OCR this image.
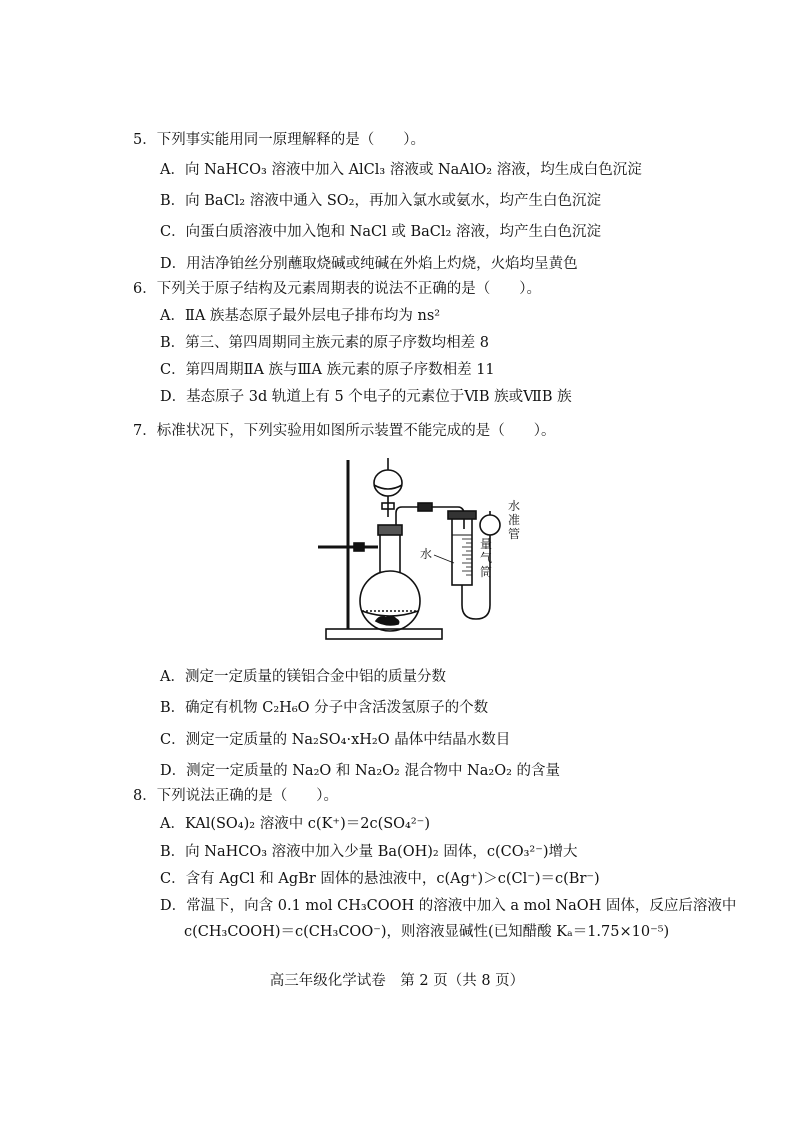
5．下列事实能用同一原理解释的是（　　）。
A．向 NaHCO₃ 溶液中加入 AlCl₃ 溶液或 NaAlO₂ 溶液，均生成白色沉淀
B．向 BaCl₂ 溶液中通入 SO₂，再加入氯水或氨水，均产生白色沉淀
C．向蛋白质溶液中加入饱和 NaCl 或 BaCl₂ 溶液，均产生白色沉淀
D．用洁净铂丝分别蘸取烧碱或纯碱在外焰上灼烧，火焰均呈黄色
6．下列关于原子结构及元素周期表的说法不正确的是（　　）。
A．ⅡA 族基态原子最外层电子排布均为 ns²
B．第三、第四周期同主族元素的原子序数均相差 8
C．第四周期ⅡA 族与ⅢA 族元素的原子序数相差 11
D．基态原子 3d 轨道上有 5 个电子的元素位于ⅥB 族或ⅦB 族
7．标准状况下，下列实验用如图所示装置不能完成的是（　　）。
水
量
气
筒
水
准
管
A．测定一定质量的镁铝合金中铝的质量分数
B．确定有机物 C₂H₆O 分子中含活泼氢原子的个数
C．测定一定质量的 Na₂SO₄·xH₂O 晶体中结晶水数目
D．测定一定质量的 Na₂O 和 Na₂O₂ 混合物中 Na₂O₂ 的含量
8．下列说法正确的是（　　）。
A．KAl(SO₄)₂ 溶液中 c(K⁺)＝2c(SO₄²⁻)
B．向 NaHCO₃ 溶液中加入少量 Ba(OH)₂ 固体，c(CO₃²⁻)增大
C．含有 AgCl 和 AgBr 固体的悬浊液中，c(Ag⁺)＞c(Cl⁻)＝c(Br⁻)
D．常温下，向含 0.1 mol CH₃COOH 的溶液中加入 a mol NaOH 固体，反应后溶液中
c(CH₃COOH)＝c(CH₃COO⁻)，则溶液显碱性(已知醋酸 Kₐ＝1.75×10⁻⁵)
高三年级化学试卷　第 2 页（共 8 页）
